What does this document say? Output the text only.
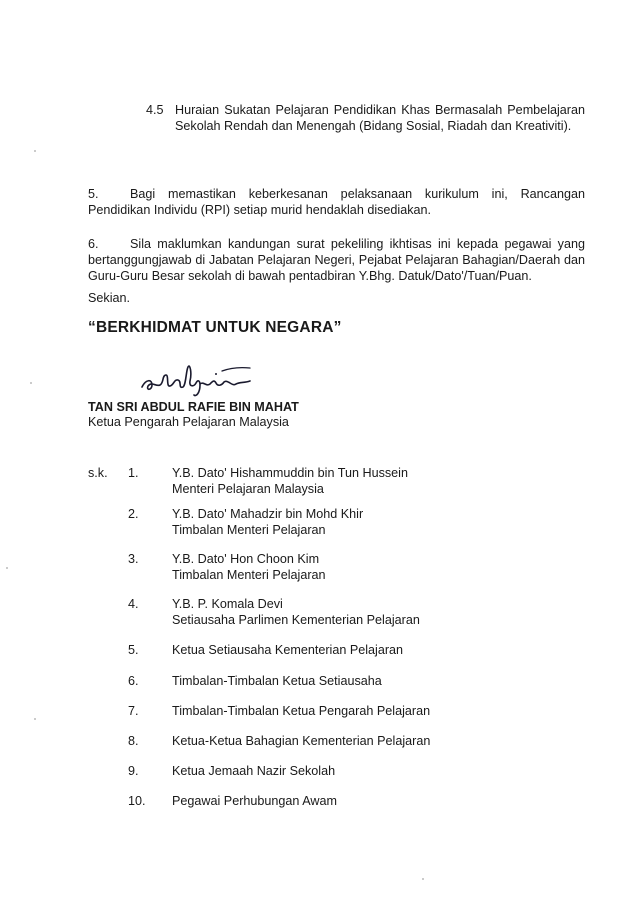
4.5 Huraian Sukatan Pelajaran Pendidikan Khas Bermasalah Pembelajaran Sekolah Rendah dan Menengah (Bidang Sosial, Riadah dan Kreativiti).
5. Bagi memastikan keberkesanan pelaksanaan kurikulum ini, Rancangan Pendidikan Individu (RPI) setiap murid hendaklah disediakan.
6. Sila maklumkan kandungan surat pekeliling ikhtisas ini kepada pegawai yang bertanggungjawab di Jabatan Pelajaran Negeri, Pejabat Pelajaran Bahagian/Daerah dan Guru-Guru Besar sekolah di bawah pentadbiran Y.Bhg. Datuk/Dato'/Tuan/Puan.
Sekian.
“BERKHIDMAT UNTUK NEGARA”
TAN SRI ABDUL RAFIE BIN MAHAT
Ketua Pengarah Pelajaran Malaysia
s.k. 1.	Y.B. Dato' Hishammuddin bin Tun Hussein
Menteri Pelajaran Malaysia
2.	Y.B. Dato' Mahadzir bin Mohd Khir
Timbalan Menteri Pelajaran
3.	Y.B. Dato' Hon Choon Kim
Timbalan Menteri Pelajaran
4.	Y.B. P. Komala Devi
Setiausaha Parlimen Kementerian Pelajaran
5.	Ketua Setiausaha Kementerian Pelajaran
6.	Timbalan-Timbalan Ketua Setiausaha
7.	Timbalan-Timbalan Ketua Pengarah Pelajaran
8.	Ketua-Ketua Bahagian Kementerian Pelajaran
9.	Ketua Jemaah Nazir Sekolah
10.	Pegawai Perhubungan Awam
